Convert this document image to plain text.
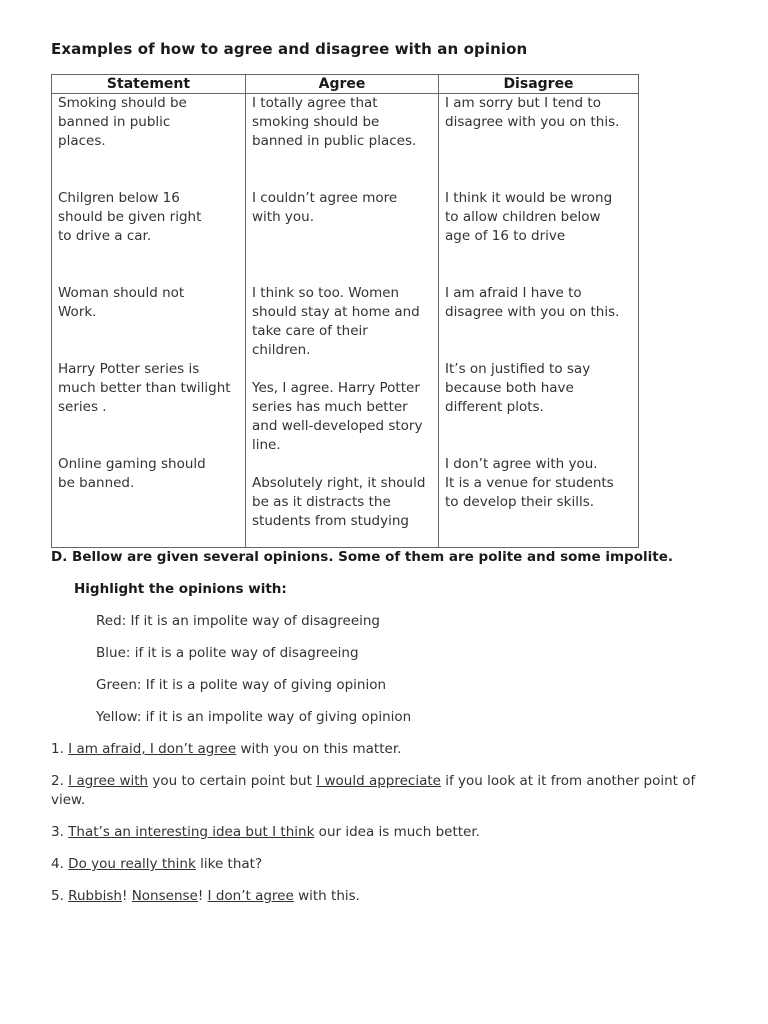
Examples of how to agree and disagree with an opinion
Statement	Agree	Disagree

Smoking should be
banned in public
places.	I totally agree that
smoking should be
banned in public places.	I am sorry but I tend to
disagree with you on this.

Chilgren below 16
should be given right
to drive a car.	I couldn’t agree more
with you.	I think it would be wrong
to allow children below
age of 16 to drive

Woman should not
Work.	I think so too. Women
should stay at home and
take care of their
children.	I am afraid I have to
disagree with you on this.

Harry Potter series is
much better than twilight
series .	Yes, I agree. Harry Potter
series has much better
and well-developed story
line.	It’s on justified to say
because both have
different plots.

Online gaming should
be banned.	Absolutely right, it should
be as it distracts the
students from studying	I don’t agree with you.
It is a venue for students
to develop their skills.
D. Bellow are given several opinions. Some of them are polite and some impolite.
Highlight the opinions with:
Red: If it is an impolite way of disagreeing
Blue: if it is a polite way of disagreeing
Green: If it is a polite way of giving opinion
Yellow: if it is an impolite way of giving opinion
1. I am afraid, I don’t agree with you on this matter.
2. I agree with you to certain point but I would appreciate if you look at it from another point of view.
3. That’s an interesting idea but I think our idea is much better.
4. Do you really think like that?
5. Rubbish! Nonsense! I don’t agree with this.
